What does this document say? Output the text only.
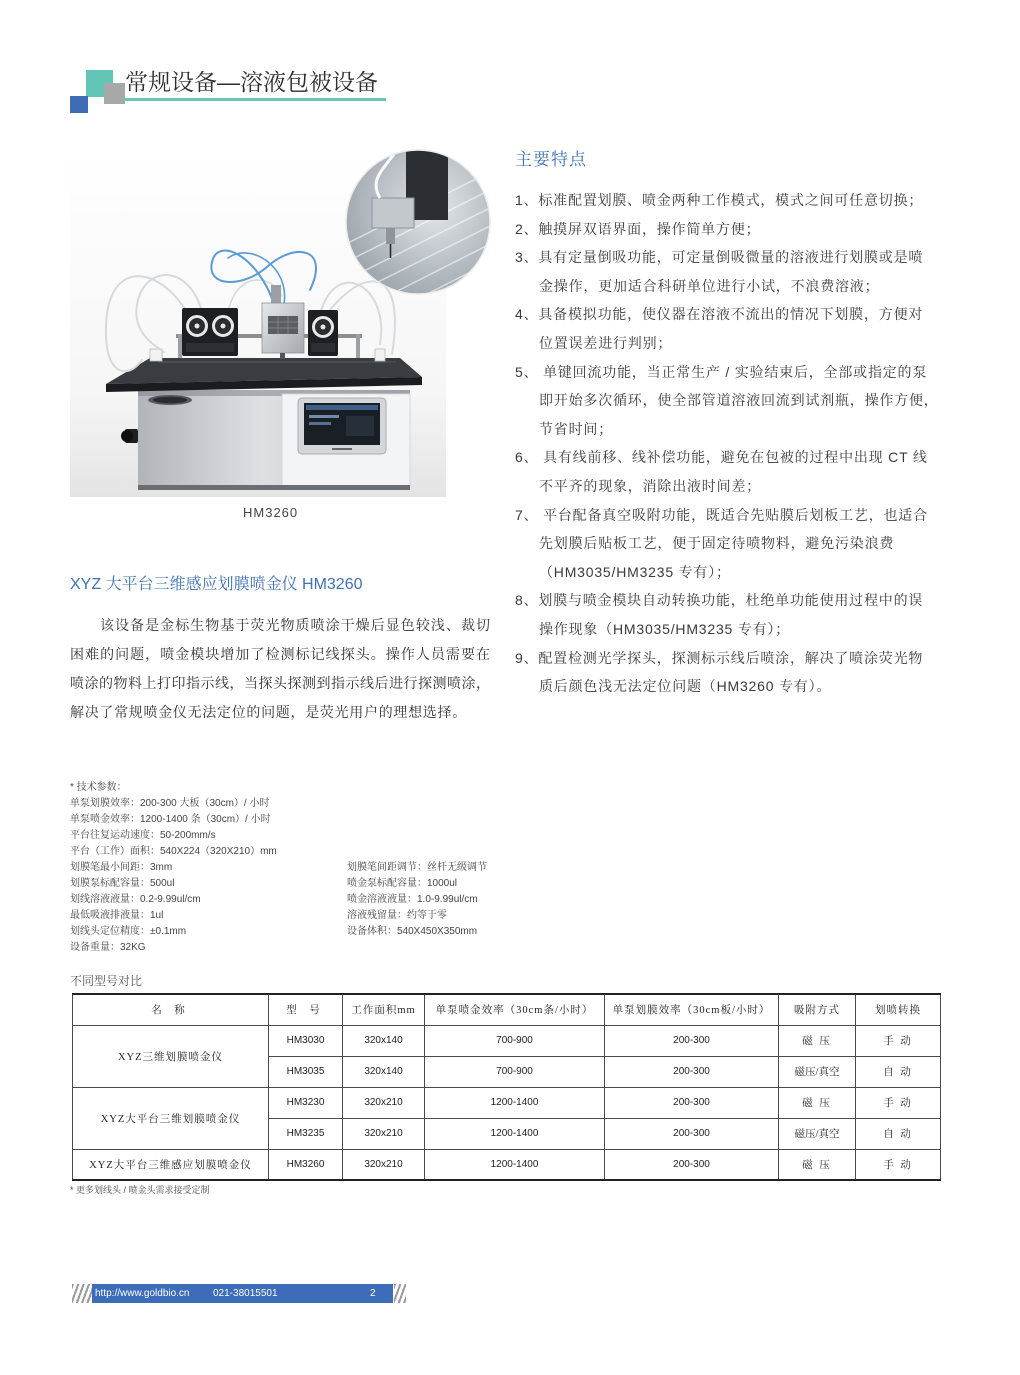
常规设备—溶液包被设备
HM3260
主要特点
1、标准配置划膜、喷金两种工作模式，模式之间可任意切换；
2、触摸屏双语界面，操作简单方便；
3、具有定量倒吸功能，可定量倒吸微量的溶液进行划膜或是喷
金操作，更加适合科研单位进行小试，不浪费溶液；
4、具备模拟功能，使仪器在溶液不流出的情况下划膜，方便对
位置误差进行判别；
5、 单键回流功能，当正常生产 / 实验结束后，全部或指定的泵
即开始多次循环，使全部管道溶液回流到试剂瓶，操作方便，
节省时间；
6、 具有线前移、线补偿功能，避免在包被的过程中出现 CT 线
不平齐的现象，消除出液时间差；
7、 平台配备真空吸附功能，既适合先贴膜后划板工艺，也适合
先划膜后贴板工艺，便于固定待喷物料，避免污染浪费
（HM3035/HM3235 专有）；
8、划膜与喷金模块自动转换功能，杜绝单功能使用过程中的误
操作现象（HM3035/HM3235 专有）；
9、配置检测光学探头，探测标示线后喷涂，解决了喷涂荧光物
质后颜色浅无法定位问题（HM3260 专有）。
XYZ 大平台三维感应划膜喷金仪 HM3260
该设备是金标生物基于荧光物质喷涂干燥后显色较浅、裁切
困难的问题，喷金模块增加了检测标记线探头。操作人员需要在
喷涂的物料上打印指示线，当探头探测到指示线后进行探测喷涂，
解决了常规喷金仪无法定位的问题，是荧光用户的理想选择。
* 技术参数：
单泵划膜效率：200-300 大板（30cm）/ 小时
单泵喷金效率：1200-1400 条（30cm）/ 小时
平台往复运动速度：50-200mm/s
平台（工作）面积：540X224（320X210）mm
划膜笔最小间距：3mm
划膜泵标配容量：500ul
划线溶液液量：0.2-9.99ul/cm
最低吸液排液量：1ul
划线头定位精度：±0.1mm
设备重量：32KG
划膜笔间距调节：丝杆无级调节
喷金泵标配容量：1000ul
喷金溶液液量：1.0-9.99ul/cm
溶液残留量：约等于零
设备体积：540X450X350mm
不同型号对比
名 称	型 号	工作面积mm	单泵喷金效率（30cm条/小时）	单泵划膜效率（30cm板/小时）	吸附方式	划喷转换
XYZ三维划膜喷金仪	HM3030	320x140	700-900	200-300	磁 压	手 动
	HM3035	320x140	700-900	200-300	磁压/真空	自 动
XYZ大平台三维划膜喷金仪	HM3230	320x210	1200-1400	200-300	磁 压	手 动
	HM3235	320x210	1200-1400	200-300	磁压/真空	自 动
XYZ大平台三维感应划膜喷金仪	HM3260	320x210	1200-1400	200-300	磁 压	手 动
* 更多划线头 / 喷金头需求接受定制
http://www.goldbio.cn 021-38015501	2
